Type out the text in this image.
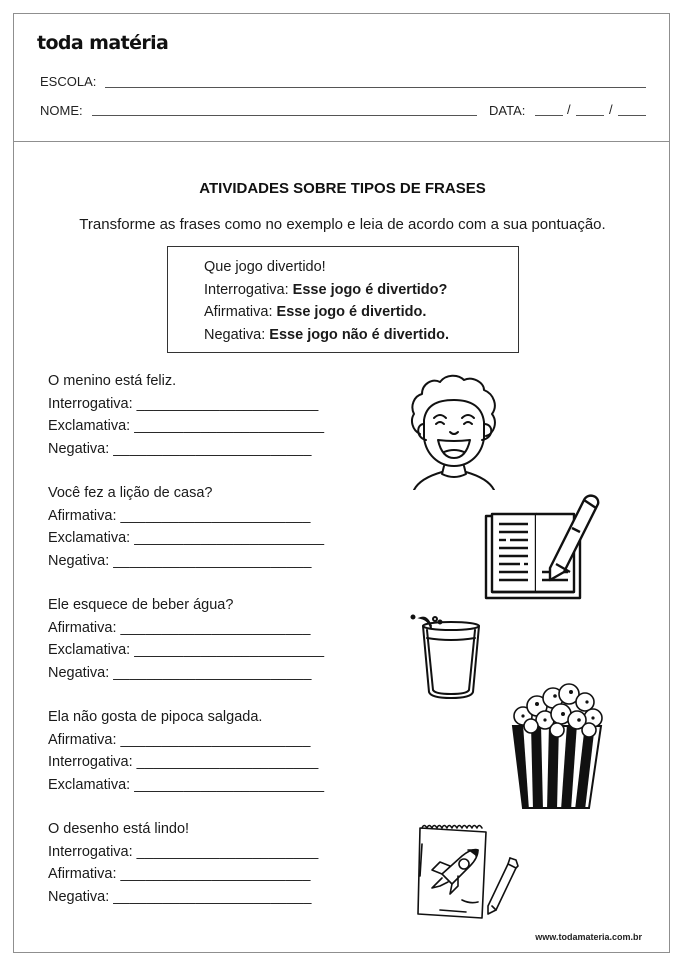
toda matéria
ESCOLA:
NOME:	DATA:	/	/
ATIVIDADES SOBRE TIPOS DE FRASES
Transforme as frases como no exemplo e leia de acordo com a sua pontuação.
Que jogo divertido!
Interrogativa: Esse jogo é divertido?
Afirmativa: Esse jogo é divertido.
Negativa: Esse jogo não é divertido.
O menino está feliz.
Interrogativa: ______________________
Exclamativa: _______________________
Negativa: ________________________
Você fez a lição de casa?
Afirmativa: _______________________
Exclamativa: _______________________
Negativa: ________________________
Ele esquece de beber água?
Afirmativa: _______________________
Exclamativa: _______________________
Negativa: ________________________
Ela não gosta de pipoca salgada.
Afirmativa: _______________________
Interrogativa: ______________________
Exclamativa: _______________________
O desenho está lindo!
Interrogativa: ______________________
Afirmativa: _______________________
Negativa: ________________________
www.todamateria.com.br
